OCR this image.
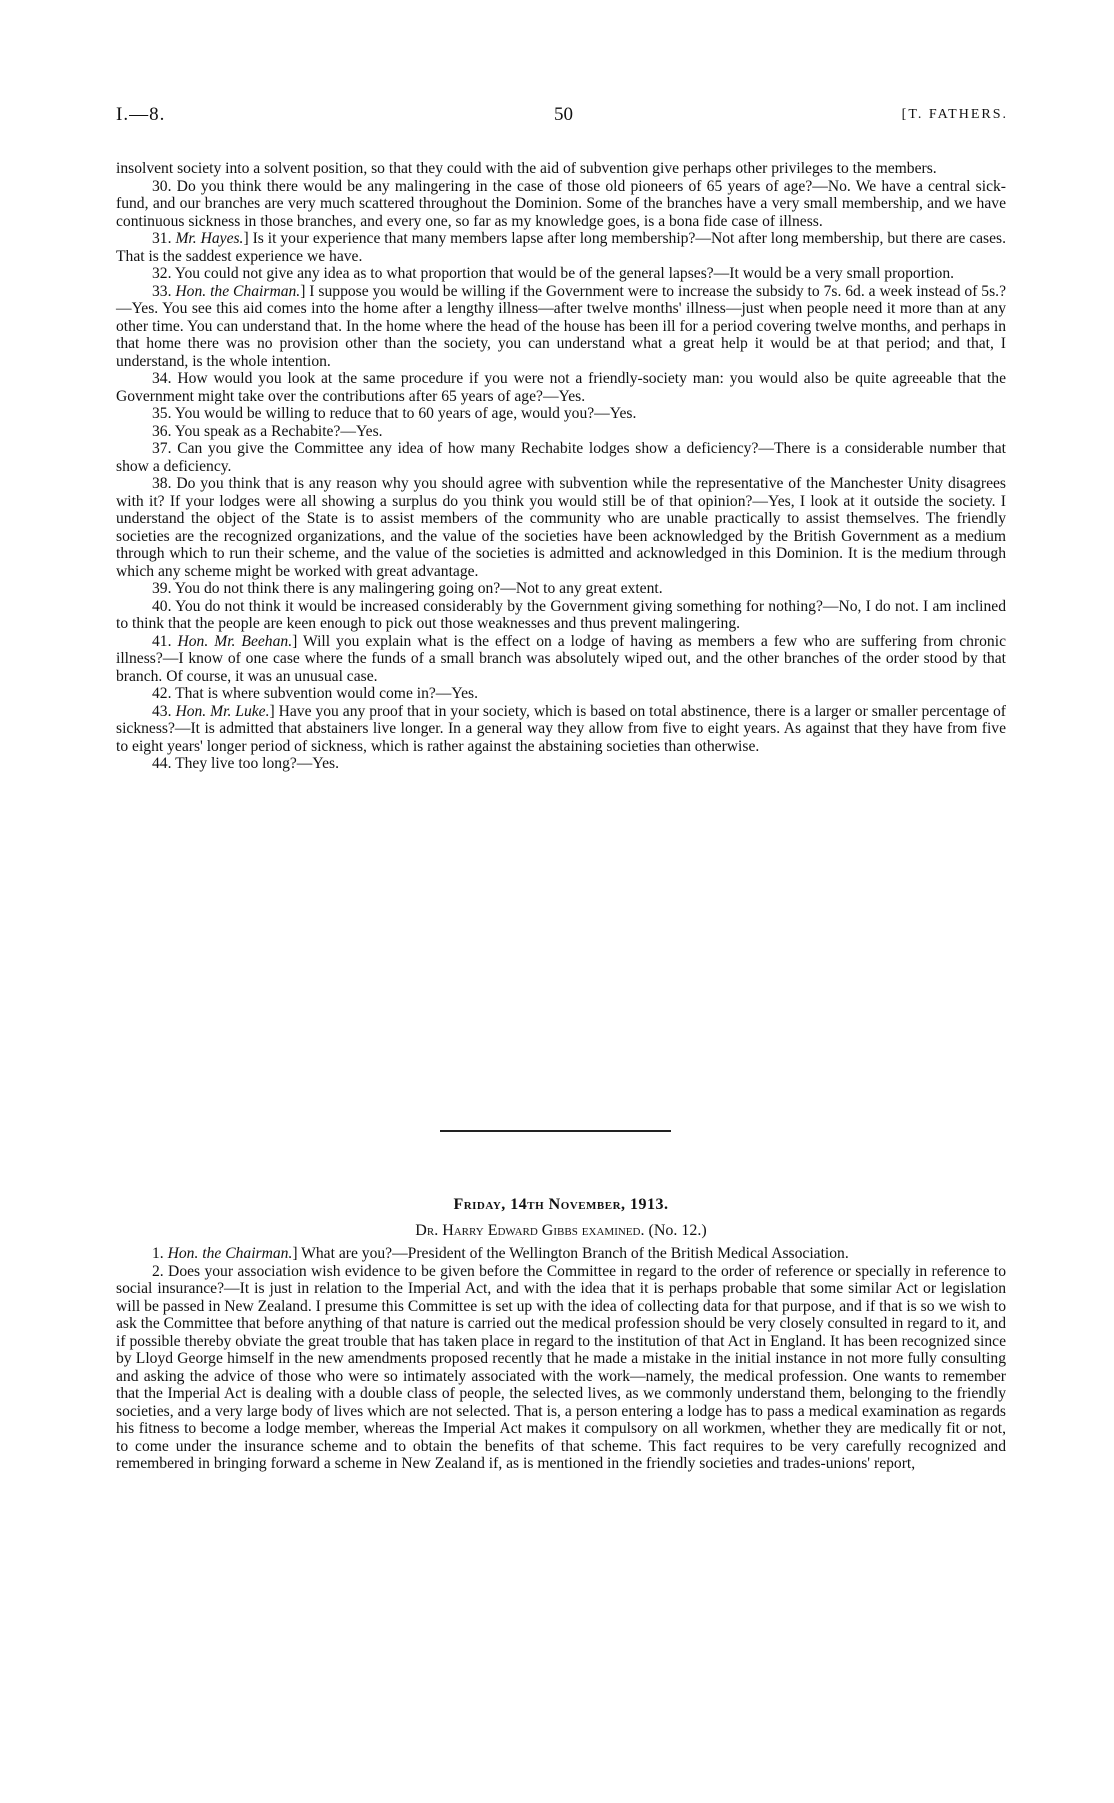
I.—8.	50	[T. FATHERS.

insolvent society into a solvent position, so that they could with the aid of subvention give perhaps other privileges to the members.

30. Do you think there would be any malingering in the case of those old pioneers of 65 years of age?—No. We have a central sick-fund, and our branches are very much scattered throughout the Dominion. Some of the branches have a very small membership, and we have continuous sickness in those branches, and every one, so far as my knowledge goes, is a bona fide case of illness.

31. Mr. Hayes.] Is it your experience that many members lapse after long membership?—Not after long membership, but there are cases. That is the saddest experience we have.

32. You could not give any idea as to what proportion that would be of the general lapses?—It would be a very small proportion.

33. Hon. the Chairman.] I suppose you would be willing if the Government were to increase the subsidy to 7s. 6d. a week instead of 5s.?—Yes. You see this aid comes into the home after a lengthy illness—after twelve months' illness—just when people need it more than at any other time. You can understand that. In the home where the head of the house has been ill for a period covering twelve months, and perhaps in that home there was no provision other than the society, you can understand what a great help it would be at that period; and that, I understand, is the whole intention.

34. How would you look at the same procedure if you were not a friendly-society man: you would also be quite agreeable that the Government might take over the contributions after 65 years of age?—Yes.

35. You would be willing to reduce that to 60 years of age, would you?—Yes.

36. You speak as a Rechabite?—Yes.

37. Can you give the Committee any idea of how many Rechabite lodges show a deficiency?—There is a considerable number that show a deficiency.

38. Do you think that is any reason why you should agree with subvention while the representative of the Manchester Unity disagrees with it? If your lodges were all showing a surplus do you think you would still be of that opinion?—Yes, I look at it outside the society. I understand the object of the State is to assist members of the community who are unable practically to assist themselves. The friendly societies are the recognized organizations, and the value of the societies have been acknowledged by the British Government as a medium through which to run their scheme, and the value of the societies is admitted and acknowledged in this Dominion. It is the medium through which any scheme might be worked with great advantage.

39. You do not think there is any malingering going on?—Not to any great extent.

40. You do not think it would be increased considerably by the Government giving something for nothing?—No, I do not. I am inclined to think that the people are keen enough to pick out those weaknesses and thus prevent malingering.

41. Hon. Mr. Beehan.] Will you explain what is the effect on a lodge of having as members a few who are suffering from chronic illness?—I know of one case where the funds of a small branch was absolutely wiped out, and the other branches of the order stood by that branch. Of course, it was an unusual case.

42. That is where subvention would come in?—Yes.

43. Hon. Mr. Luke.] Have you any proof that in your society, which is based on total abstinence, there is a larger or smaller percentage of sickness?—It is admitted that abstainers live longer. In a general way they allow from five to eight years. As against that they have from five to eight years' longer period of sickness, which is rather against the abstaining societies than otherwise.

44. They live too long?—Yes.

Friday, 14th November, 1913.

Dr. Harry Edward Gibbs examined. (No. 12.)

1. Hon. the Chairman.] What are you?—President of the Wellington Branch of the British Medical Association.

2. Does your association wish evidence to be given before the Committee in regard to the order of reference or specially in reference to social insurance?—It is just in relation to the Imperial Act, and with the idea that it is perhaps probable that some similar Act or legislation will be passed in New Zealand. I presume this Committee is set up with the idea of collecting data for that purpose, and if that is so we wish to ask the Committee that before anything of that nature is carried out the medical profession should be very closely consulted in regard to it, and if possible thereby obviate the great trouble that has taken place in regard to the institution of that Act in England. It has been recognized since by Lloyd George himself in the new amendments proposed recently that he made a mistake in the initial instance in not more fully consulting and asking the advice of those who were so intimately associated with the work—namely, the medical profession. One wants to remember that the Imperial Act is dealing with a double class of people, the selected lives, as we commonly understand them, belonging to the friendly societies, and a very large body of lives which are not selected. That is, a person entering a lodge has to pass a medical examination as regards his fitness to become a lodge member, whereas the Imperial Act makes it compulsory on all workmen, whether they are medically fit or not, to come under the insurance scheme and to obtain the benefits of that scheme. This fact requires to be very carefully recognized and remembered in bringing forward a scheme in New Zealand if, as is mentioned in the friendly societies and trades-unions' report,
